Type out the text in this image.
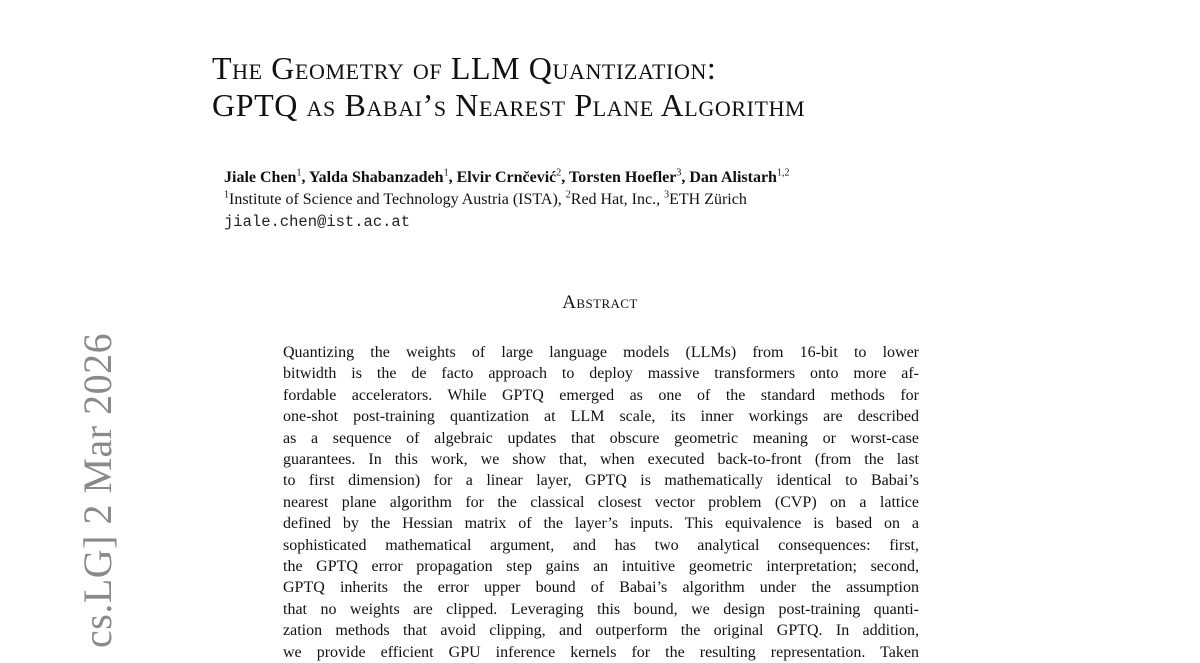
cs.LG] 2 Mar 2026
The Geometry of LLM Quantization:
GPTQ as Babai’s Nearest Plane Algorithm
Jiale Chen$^1$, Yalda Shabanzadeh$^1$, Elvir Crnčević$^2$, Torsten Hoefler$^3$, Dan Alistarh$^{1,2}$
$^1$Institute of Science and Technology Austria (ISTA), $^2$Red Hat, Inc., $^3$ETH Zürich
jiale.chen@ist.ac.at
Abstract

Quantizing the weights of large language models (LLMs) from 16-bit to lower
bitwidth is the de facto approach to deploy massive transformers onto more af-
fordable accelerators. While GPTQ emerged as one of the standard methods for
one-shot post-training quantization at LLM scale, its inner workings are described
as a sequence of algebraic updates that obscure geometric meaning or worst-case
guarantees. In this work, we show that, when executed back-to-front (from the last
to first dimension) for a linear layer, GPTQ is mathematically identical to Babai’s
nearest plane algorithm for the classical closest vector problem (CVP) on a lattice
defined by the Hessian matrix of the layer’s inputs. This equivalence is based on a
sophisticated mathematical argument, and has two analytical consequences: first,
the GPTQ error propagation step gains an intuitive geometric interpretation; second,
GPTQ inherits the error upper bound of Babai’s algorithm under the assumption
that no weights are clipped. Leveraging this bound, we design post-training quanti-
zation methods that avoid clipping, and outperform the original GPTQ. In addition,
we provide efficient GPU inference kernels for the resulting representation. Taken
